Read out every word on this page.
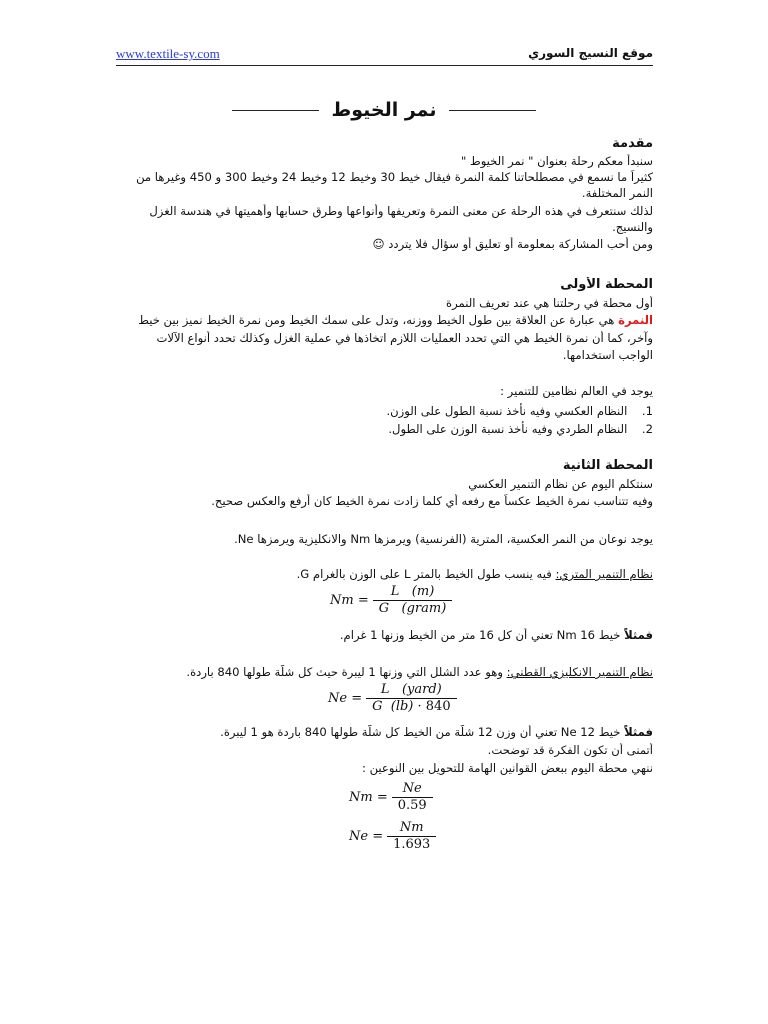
www.textile-sy.com	موقع النسيج السوري
نمر الخيوط
مقدمة
سنبدأ معكم رحلة بعنوان " نمر الخيوط "
كثيراً ما نسمع في مصطلحاتنا كلمة النمرة فيقال خيط 30 وخيط 12 وخيط 24 وخيط 300 و 450 وغيرها من
النمر المختلفة.
لذلك سنتعرف في هذه الرحلة عن معنى النمرة وتعريفها وأنواعها وطرق حسابها وأهميتها في هندسة الغزل
والنسيج.
ومن أحب المشاركة بمعلومة أو تعليق أو سؤال فلا يتردد ☺
المحطة الأولى
أول محطة في رحلتنا هي عند تعريف النمرة
النمرة هي عبارة عن العلاقة بين طول الخيط ووزنه، وتدل على سمك الخيط ومن نمرة الخيط نميز بين خيط
وآخر، كما أن نمرة الخيط هي التي تحدد العمليات اللازم اتخاذها في عملية الغزل وكذلك تحدد أنواع الآلات
الواجب استخدامها.
يوجد في العالم نظامين للتنمير :
1. النظام العكسي وفيه نأخذ نسبة الطول على الوزن.
2. النظام الطردي وفيه نأخذ نسبة الوزن على الطول.
المحطة الثانية
سنتكلم اليوم عن نظام التنمير العكسي
وفيه تتناسب نمرة الخيط عكساً مع رفعه أي كلما زادت نمرة الخيط كان أرفع والعكس صحيح.
يوجد نوعان من النمر العكسية، المترية (الفرنسية) ويرمزها Nm والانكليزية ويرمزها Ne.
نظام التنمير المتري: فيه ينسب طول الخيط بالمتر L على الوزن بالغرام G.
فمثلاً خيط Nm 16 تعني أن كل 16 متر من الخيط وزنها 1 غرام.
نظام التنمير الانكليزي القطني: وهو عدد الشلل التي وزنها 1 ليبرة حيث كل شلّة طولها 840 باردة.
فمثلاً خيط Ne 12 تعني أن وزن 12 شلّة من الخيط كل شلّة طولها 840 باردة هو 1 ليبرة.
أتمنى أن تكون الفكرة قد توضحت.
ننهي محطة اليوم ببعض القوانين الهامة للتحويل بين النوعين :
$Nm = \frac{L (m)}{\text{G (gram)}}$
$Ne = \frac{\text{L (yard)}}{G (lb) \cdot 840}$
$Nm = \frac{Ne}{0.59}$
$Ne = \frac{Nm}{1.693}$
